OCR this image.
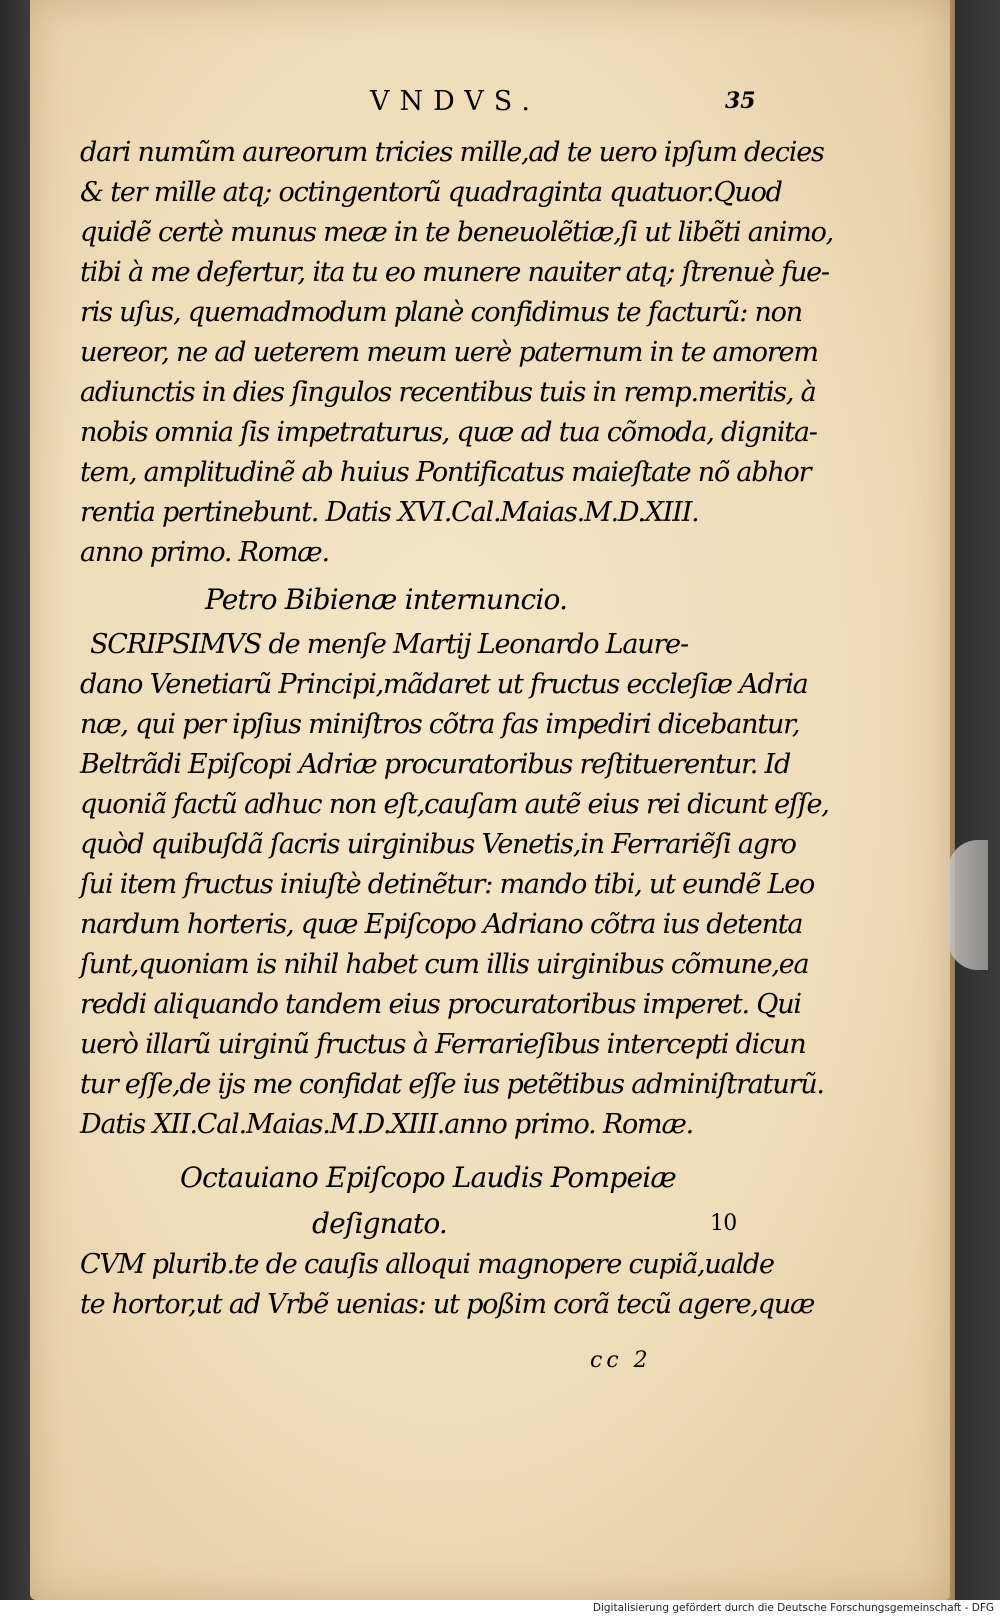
VNDVS.	35
dari numũm aureorum tricies mille,ad te uero ipſum decies
& ter mille atq; octingentorũ quadraginta quatuor.Quod
quidẽ certè munus meæ in te beneuolẽtiæ,ſi ut libẽti animo,
tibi à me defertur, ita tu eo munere nauiter atq; ſtrenuè fue-
ris uſus, quemadmodum planè confidimus te facturũ: non
uereor, ne ad ueterem meum uerè paternum in te amorem
adiunctis in dies ſingulos recentibus tuis in remp.meritis, à
nobis omnia ſis impetraturus, quæ ad tua cõmoda, dignita-
tem, amplitudinẽ ab huius Pontificatus maieſtate nõ abhor
rentia pertinebunt. Datis XVI.Cal.Maias.M.D.XIII.
anno primo. Romæ.
Petro Bibienæ internuncio.
SCRIPSIMVS de menſe Martij Leonardo Laure-
dano Venetiarũ Principi,mãdaret ut fructus eccleſiæ Adria
næ, qui per ipſius miniſtros cõtra fas impediri dicebantur,
Beltrãdi Epiſcopi Adriæ procuratoribus reſtituerentur. Id
quoniã factũ adhuc non eſt,cauſam autẽ eius rei dicunt eſſe,
quòd quibuſdã ſacris uirginibus Venetis,in Ferrariẽſi agro
ſui item fructus iniuſtè detinẽtur: mando tibi, ut eundẽ Leo
nardum horteris, quæ Epiſcopo Adriano cõtra ius detenta
ſunt,quoniam is nihil habet cum illis uirginibus cõmune,ea
reddi aliquando tandem eius procuratoribus imperet. Qui
uerò illarũ uirginũ fructus à Ferrarieſibus intercepti dicun
tur eſſe,de ijs me confidat eſſe ius petẽtibus adminiſtraturũ.
Datis XII.Cal.Maias.M.D.XIII.anno primo. Romæ.
Octauiano Epiſcopo Laudis Pompeiæ
deſignato.	10
CVM plurib.te de cauſis alloqui magnopere cupiã,ualde
te hortor,ut ad Vrbẽ uenias: ut poßim corã tecũ agere,quæ
cc 2
Digitalisierung gefördert durch die Deutsche Forschungsgemeinschaft - DFG
